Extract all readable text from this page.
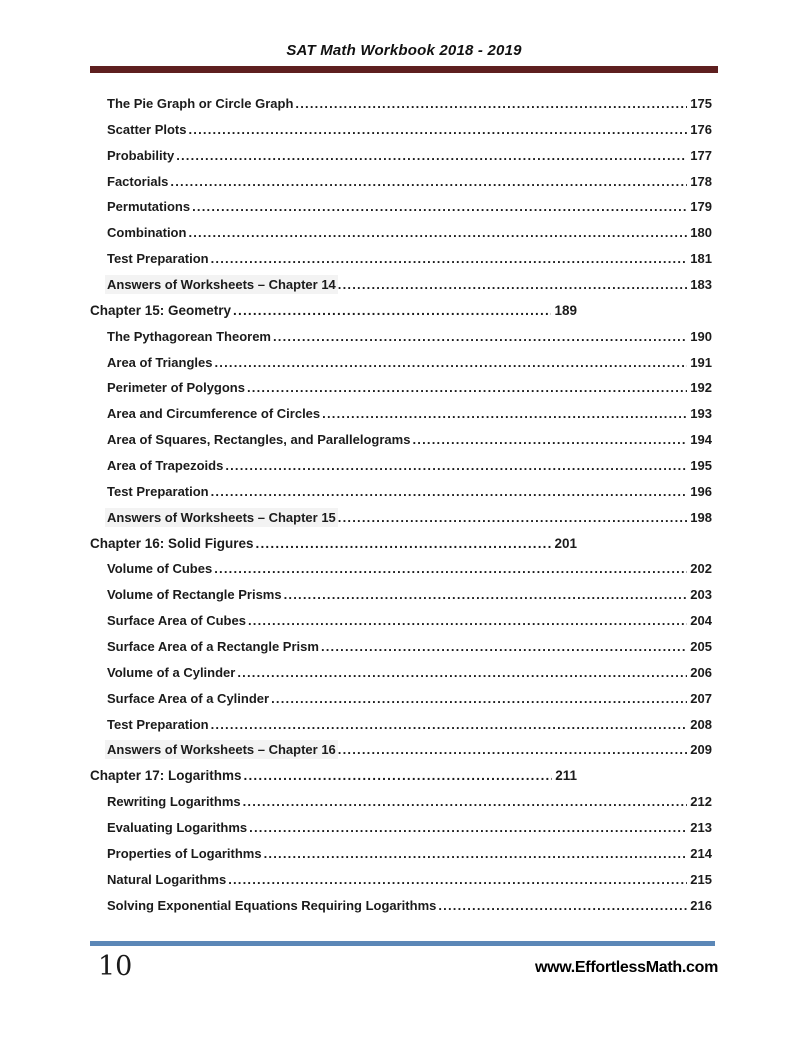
SAT Math Workbook 2018 - 2019
The Pie Graph or Circle Graph .....	175
Scatter Plots .....	176
Probability .....	177
Factorials .....	178
Permutations .....	179
Combination .....	180
Test Preparation .....	181
Answers of Worksheets – Chapter 14 .....	183
Chapter 15: Geometry .....	189
The Pythagorean Theorem .....	190
Area of Triangles .....	191
Perimeter of Polygons .....	192
Area and Circumference of Circles .....	193
Area of Squares, Rectangles, and Parallelograms .....	194
Area of Trapezoids .....	195
Test Preparation .....	196
Answers of Worksheets – Chapter 15 .....	198
Chapter 16: Solid Figures .....	201
Volume of Cubes .....	202
Volume of Rectangle Prisms .....	203
Surface Area of Cubes .....	204
Surface Area of a Rectangle Prism .....	205
Volume of a Cylinder .....	206
Surface Area of a Cylinder .....	207
Test Preparation .....	208
Answers of Worksheets – Chapter 16 .....	209
Chapter 17: Logarithms .....	211
Rewriting Logarithms .....	212
Evaluating Logarithms .....	213
Properties of Logarithms .....	214
Natural Logarithms .....	215
Solving Exponential Equations Requiring Logarithms .....	216
10	www.EffortlessMath.com
